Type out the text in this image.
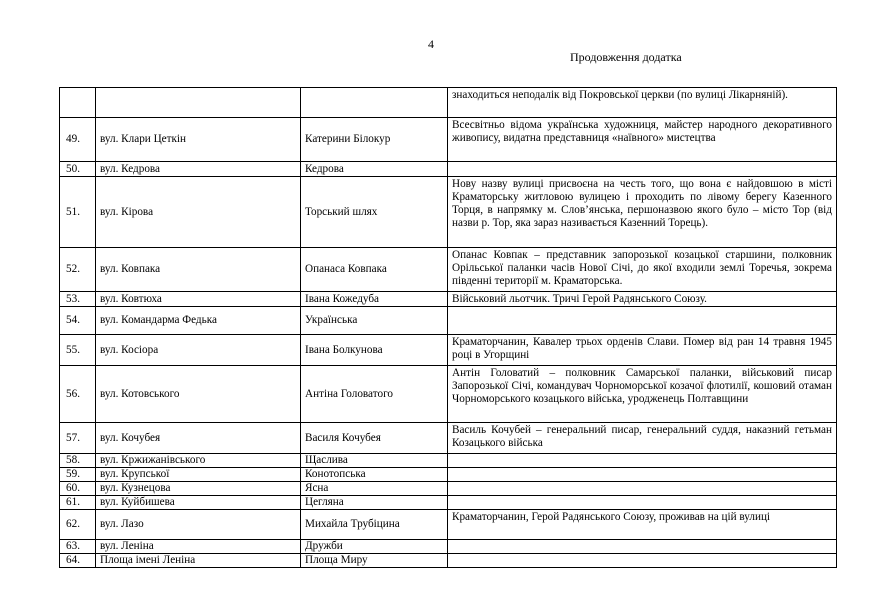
4
Продовження додатка
			знаходиться неподалік від Покровської церкви (по вулиці Лікарняній).
49.	вул. Клари Цеткін	Катерини Білокур	Всесвітньо відома українська художниця, майстер народного декоративного живопису, видатна представниця «наївного» мистецтва
50.	вул. Кедрова	Кедрова	
51.	вул. Кірова	Торський шлях	Нову назву вулиці присвоєна на честь того, що вона є найдовшою в місті Краматорську житловою вулицею і проходить по лівому берегу Казенного Торця, в напрямку м. Слов’янська, першоназвою якого було – місто Тор (від назви р. Тор, яка зараз називається Казенний Торець).
52.	вул. Ковпака	Опанаса Ковпака	Опанас Ковпак – представник запорозької козацької старшини, полковник Орільської паланки часів Нової Січі, до якої входили землі Торечья, зокрема південні території м. Краматорська.
53.	вул. Ковтюха	Івана Кожедуба	Військовий льотчик. Тричі Герой Радянського Союзу.
54.	вул. Командарма Федька	Українська	
55.	вул. Косіора	Івана Болкунова	Краматорчанин, Кавалер трьох орденів Слави. Помер від ран 14 травня 1945 році в Угорщині
56.	вул. Котовського	Антіна Головатого	Антін Головатий – полковник Самарської паланки, військовий писар Запорозької Січі, командувач Чорноморської козачої флотилії, кошовий отаман Чорноморського козацького війська, уродженець Полтавщини
57.	вул. Кочубея	Василя Кочубея	Василь Кочубей – генеральний писар, генеральний суддя, наказний гетьман Козацького війська
58.	вул. Кржижанівського	Щаслива	
59.	вул. Крупської	Конотопська	
60.	вул. Кузнецова	Ясна	
61.	вул. Куйбишева	Цегляна	
62.	вул. Лазо	Михайла Трубіцина	Краматорчанин, Герой Радянського Союзу, проживав на цій вулиці
63.	вул. Леніна	Дружби	
64.	Площа імені Леніна	Площа Миру	
